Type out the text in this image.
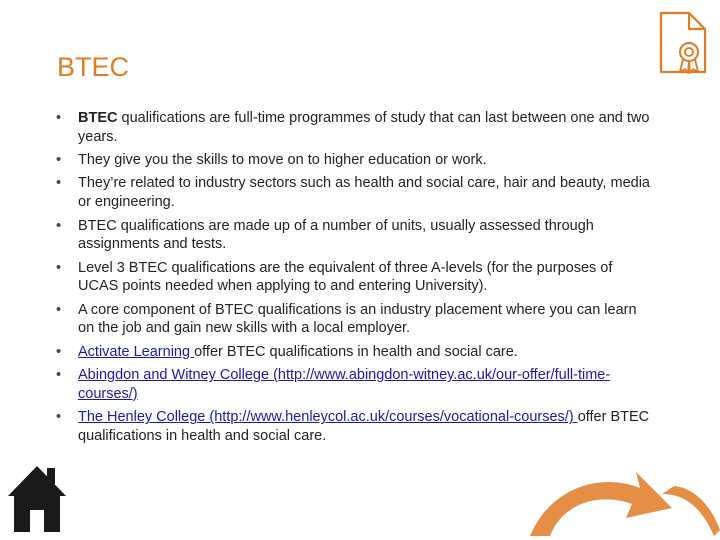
BTEC
• BTEC qualifications are full-time programmes of study that can last between one and two years.
• They give you the skills to move on to higher education or work.
• They’re related to industry sectors such as health and social care, hair and beauty, media or engineering.
• BTEC qualifications are made up of a number of units, usually assessed through assignments and tests.
• Level 3 BTEC qualifications are the equivalent of three A-levels (for the purposes of UCAS points needed when applying to and entering University).
• A core component of BTEC qualifications is an industry placement where you can learn on the job and gain new skills with a local employer.
• Activate Learning offer BTEC qualifications in health and social care.
• Abingdon and Witney College (http://www.abingdon-witney.ac.uk/our-offer/full-time-courses/)
• The Henley College (http://www.henleycol.ac.uk/courses/vocational-courses/) offer BTEC qualifications in health and social care.
